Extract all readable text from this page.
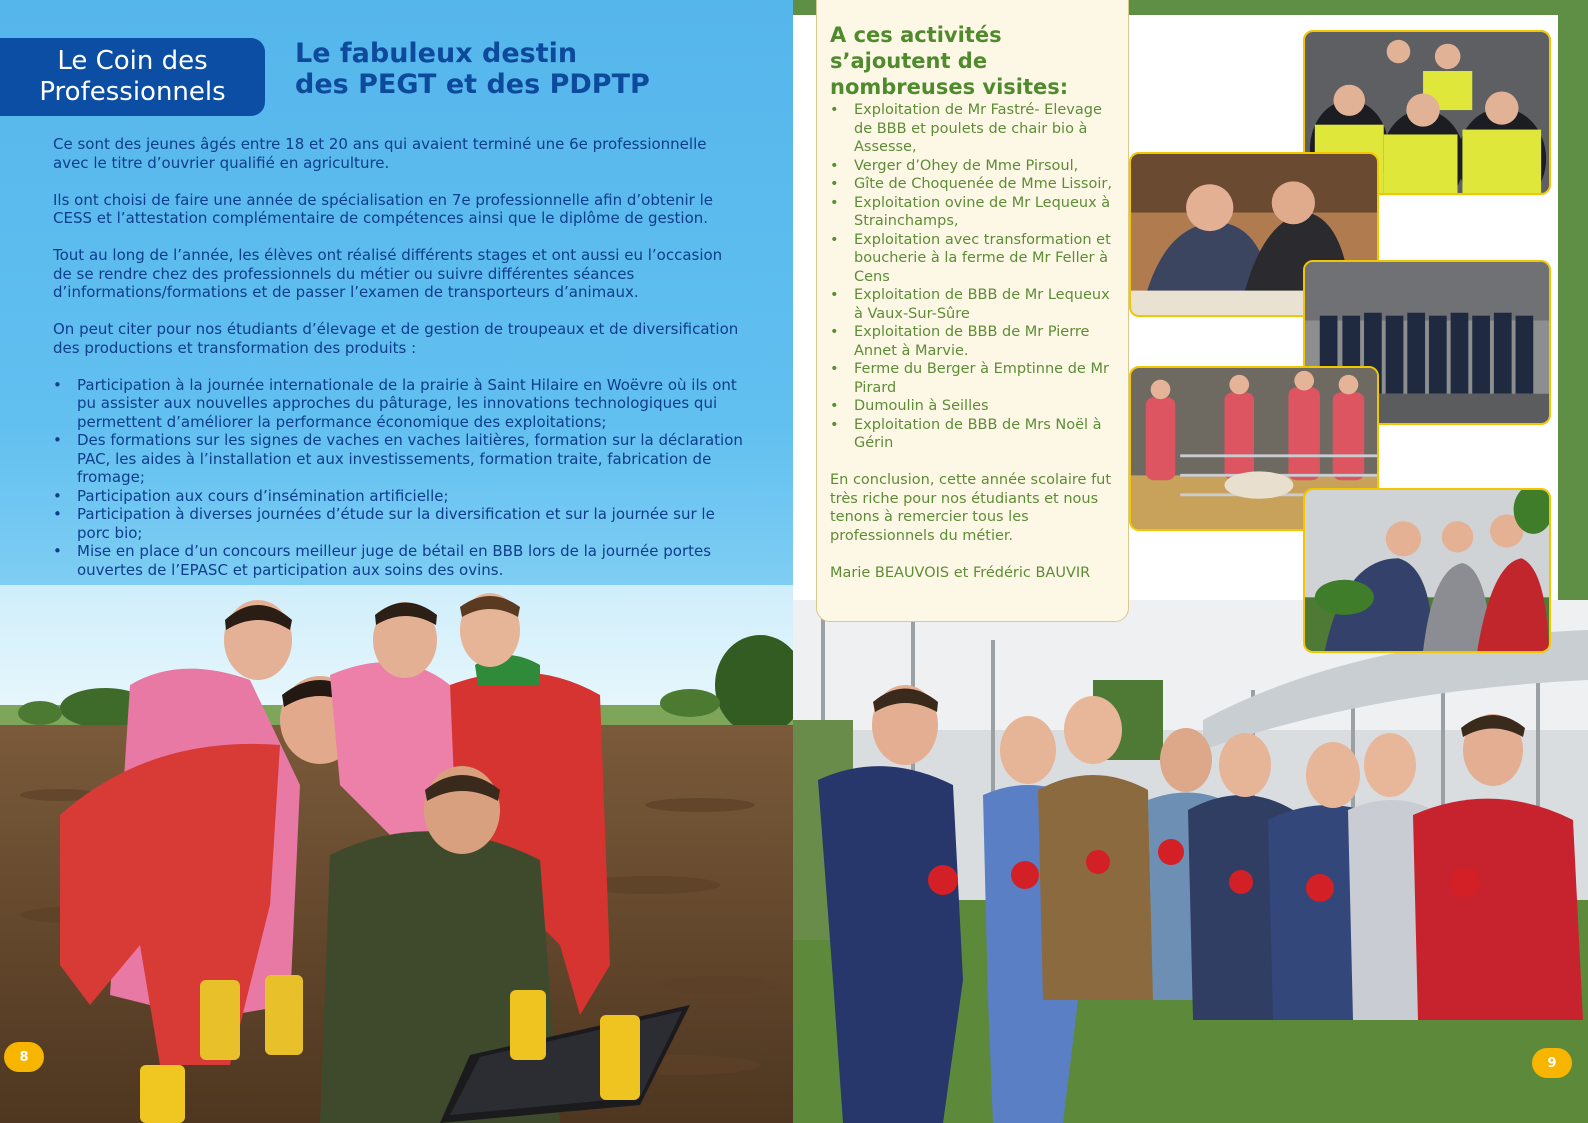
Le Coin des Professionnels
Le fabuleux destin
des PEGT et des PDPTP

Ce sont des jeunes âgés entre 18 et 20 ans qui avaient terminé une 6e professionnelle avec le titre d’ouvrier qualifié en agriculture.

Ils ont choisi de faire une année de spécialisation en 7e professionnelle afin d’obtenir le CESS et l’attestation complémentaire de compétences ainsi que le diplôme de gestion.

Tout au long de l’année, les élèves ont réalisé différents stages et ont aussi eu l’occasion de se rendre chez des professionnels du métier ou suivre différentes séances d’informations/formations et de passer l’examen de transporteurs d’animaux.

On peut citer pour nos étudiants d’élevage et de gestion de troupeaux et de diversification des productions et transformation des produits :

• Participation à la journée internationale de la prairie à Saint Hilaire en Woëvre où ils ont pu assister aux nouvelles approches du pâturage, les innovations technologiques qui permettent d’améliorer la performance économique des exploitations;
• Des formations sur les signes de vaches en vaches laitières, formation sur la déclaration PAC, les aides à l’installation et aux investissements, formation traite, fabrication de fromage;
• Participation aux cours d’insémination artificielle;
• Participation à diverses journées d’étude sur la diversification et sur la journée sur le porc bio;
• Mise en place d’un concours meilleur juge de bétail en BBB lors de la journée portes ouvertes de l’EPASC et participation aux soins des ovins.
8
A ces activités s’ajoutent de nombreuses visites:
• Exploitation de Mr Fastré- Elevage de BBB et poulets de chair bio à Assesse,
• Verger d’Ohey de Mme Pirsoul,
• Gîte de Choquenée de Mme Lissoir,
• Exploitation ovine de Mr Lequeux à Strainchamps,
• Exploitation avec transformation et boucherie à la ferme de Mr Feller à Cens
• Exploitation de BBB de Mr Lequeux à Vaux-Sur-Sûre
• Exploitation de BBB de Mr Pierre Annet à Marvie.
• Ferme du Berger à Emptinne de Mr Pirard
• Dumoulin à Seilles
• Exploitation de BBB de Mrs Noël à Gérin

En conclusion, cette année scolaire fut très riche pour nos étudiants et nous tenons à remercier tous les professionnels du métier.

Marie BEAUVOIS et Frédéric BAUVIR

9
